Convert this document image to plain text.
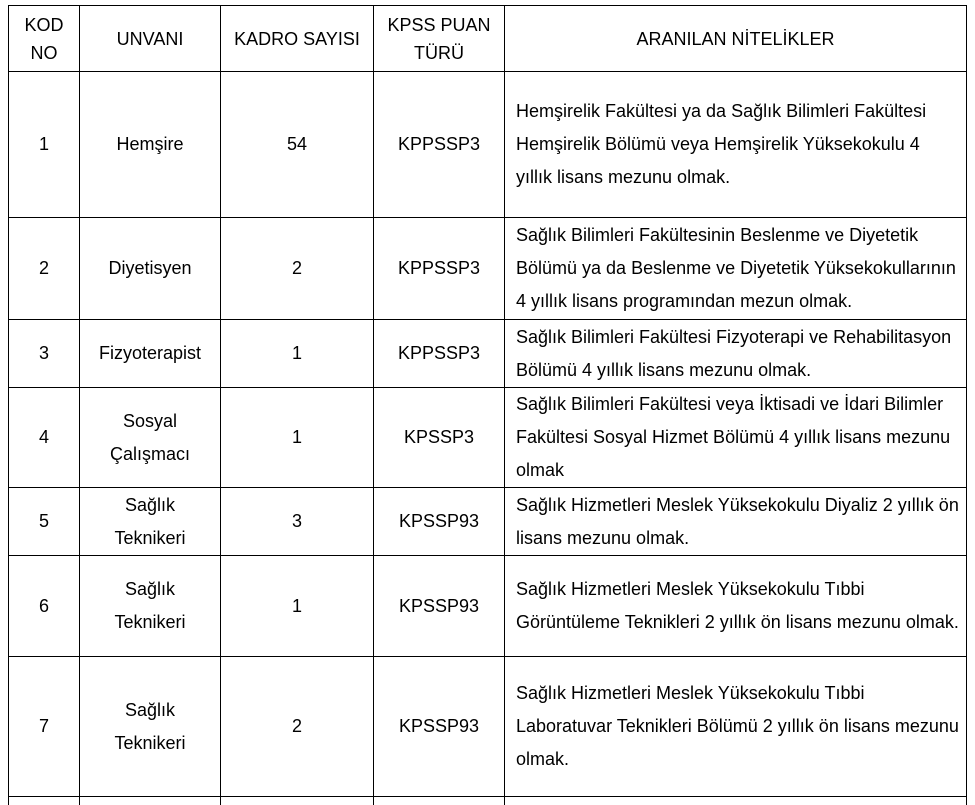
KOD NO	UNVANI	KADRO SAYISI	KPSS PUAN TÜRÜ	ARANILAN NİTELİKLER

1	Hemşire	54	KPPSSP3	Hemşirelik Fakültesi ya da Sağlık Bilimleri Fakültesi Hemşirelik Bölümü veya Hemşirelik Yüksekokulu 4 yıllık lisans mezunu olmak.

2	Diyetisyen	2	KPPSSP3	Sağlık Bilimleri Fakültesinin Beslenme ve Diyetetik Bölümü ya da Beslenme ve Diyetetik Yüksekokullarının 4 yıllık lisans programından mezun olmak.

3	Fizyoterapist	1	KPPSSP3	Sağlık Bilimleri Fakültesi Fizyoterapi ve Rehabilitasyon Bölümü 4 yıllık lisans mezunu olmak.

4	Sosyal Çalışmacı	1	KPSSP3	Sağlık Bilimleri Fakültesi veya İktisadi ve İdari Bilimler Fakültesi Sosyal Hizmet Bölümü 4 yıllık lisans mezunu olmak

5	Sağlık Teknikeri	3	KPSSP93	Sağlık Hizmetleri Meslek Yüksekokulu Diyaliz 2 yıllık ön lisans mezunu olmak.

6	Sağlık Teknikeri	1	KPSSP93	Sağlık Hizmetleri Meslek Yüksekokulu Tıbbi Görüntüleme Teknikleri 2 yıllık ön lisans mezunu olmak.

7	Sağlık Teknikeri	2	KPSSP93	Sağlık Hizmetleri Meslek Yüksekokulu Tıbbi Laboratuvar Teknikleri Bölümü 2 yıllık ön lisans mezunu olmak.
